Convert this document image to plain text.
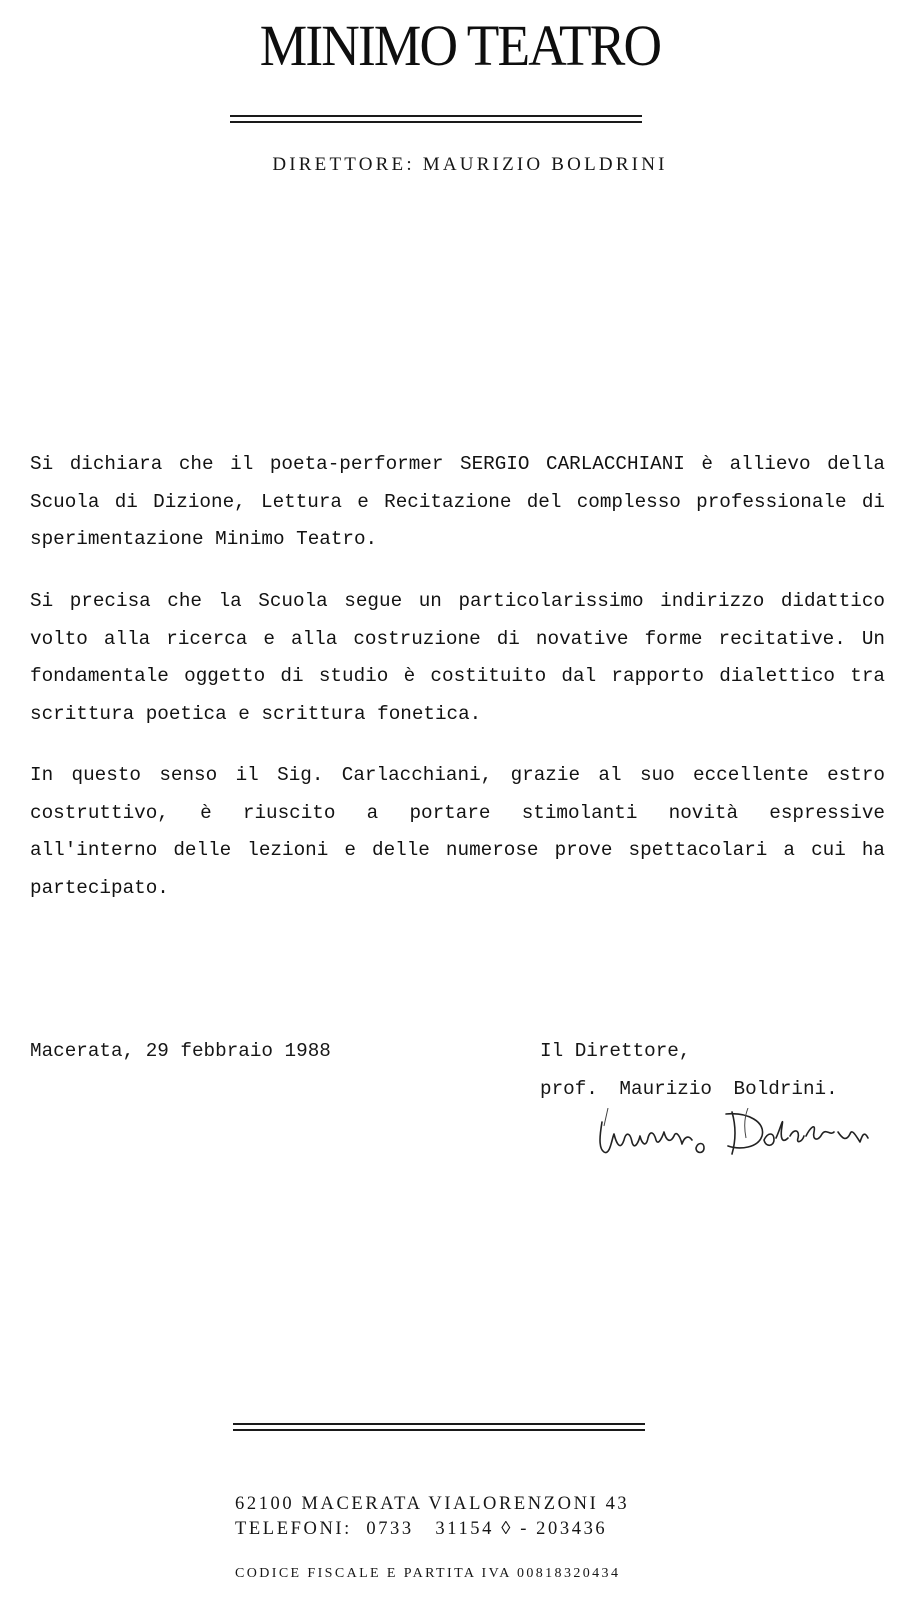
MINIMO TEATRO
DIRETTORE: MAURIZIO BOLDRINI
Si dichiara che il poeta-performer SERGIO CARLACCHIANI è allievo della Scuola di Dizione, Lettura e Recitazione del complesso professionale di sperimentazione Minimo Teatro.
Si precisa che la Scuola segue un particolarissimo indirizzo didattico volto alla ricerca e alla costruzione di novative forme recitative. Un fondamentale oggetto di studio è costituito dal rapporto dialettico tra scrittura poetica e scrittura fonetica.
In questo senso il Sig. Carlacchiani, grazie al suo eccellente estro costruttivo, è riuscito a portare stimolanti novità espressive all'interno delle lezioni e delle numerose prove spettacolari a cui ha partecipato.
Macerata, 29 febbraio 1988	Il Direttore,
prof. Maurizio Boldrini.
62100 MACERATA VIALORENZONI 43
TELEFONI:  0733   31154 ◊ - 203436
CODICE FISCALE E PARTITA IVA 00818320434
